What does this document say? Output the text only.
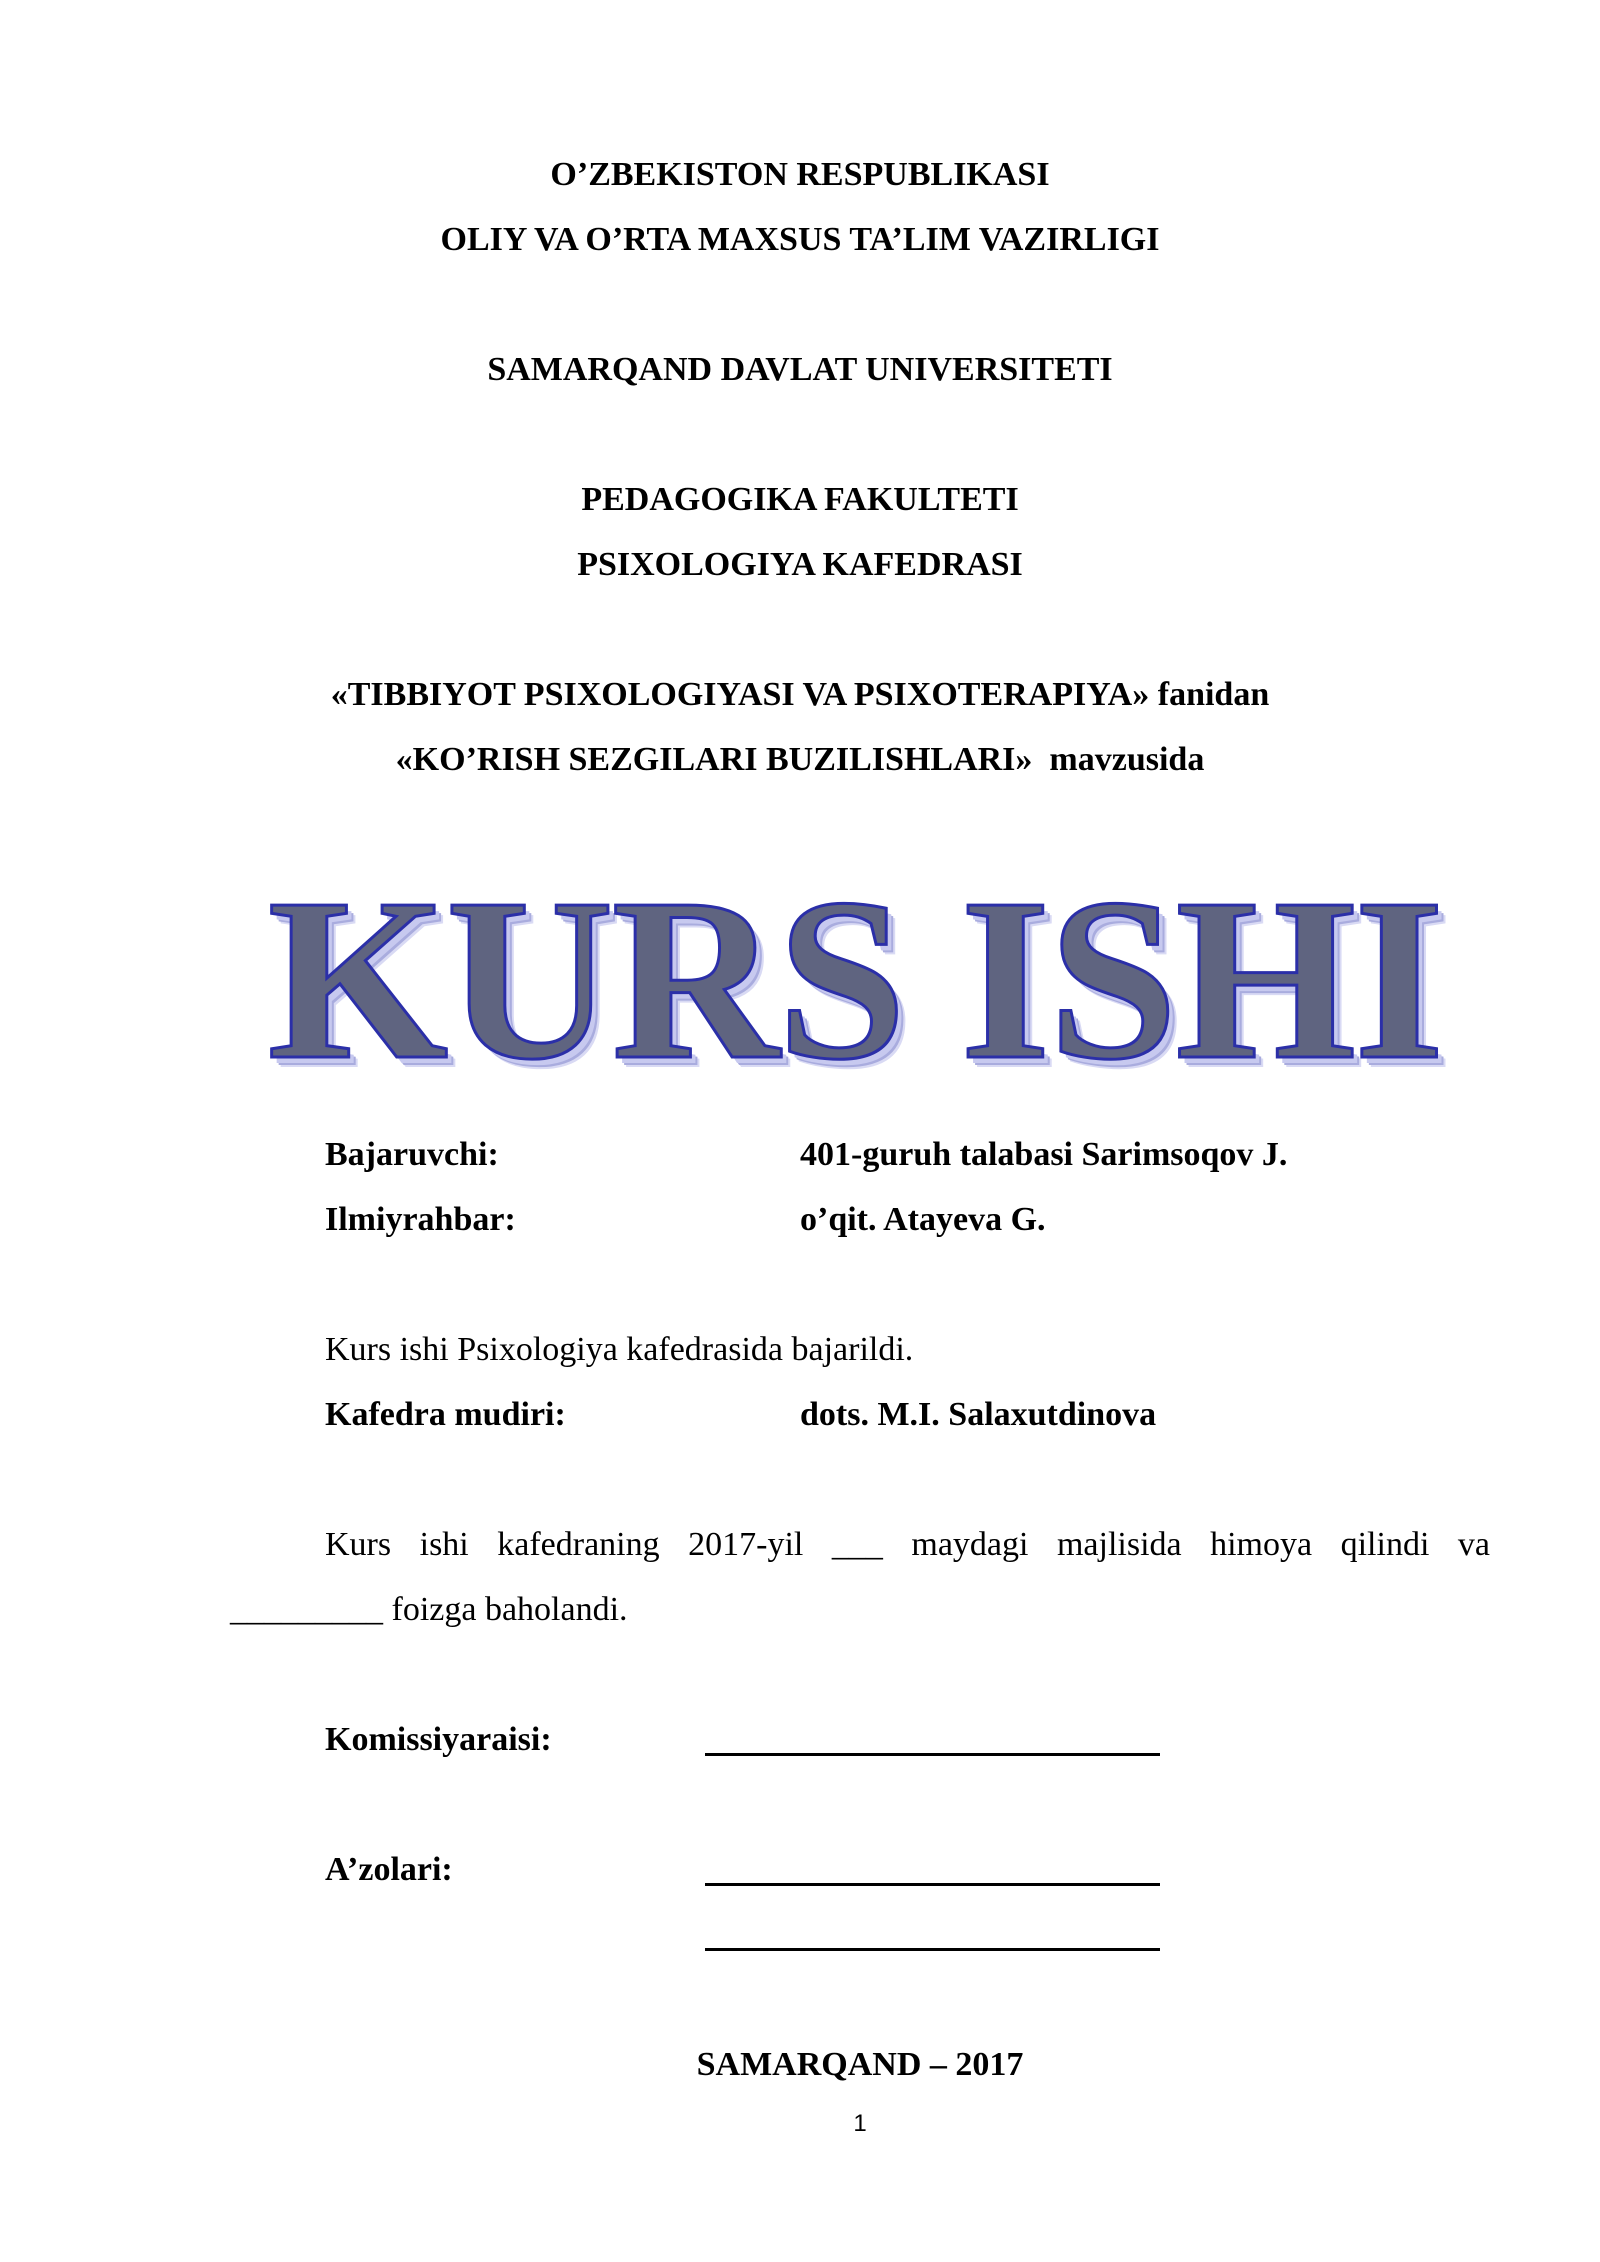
O’ZBEKISTON RESPUBLIKASI
OLIY VA O’RTA MAXSUS TA’LIM VAZIRLIGI
SAMARQAND DAVLAT UNIVERSITETI
PEDAGOGIKA FAKULTETI
PSIXOLOGIYA KAFEDRASI
«TIBBIYOT PSIXOLOGIYASI VA PSIXOTERAPIYA» fanidan
«KO’RISH SEZGILARI BUZILISHLARI»  mavzusida
KURS ISHI
Bajaruvchi:	401-guruh talabasi Sarimsoqov J.
Ilmiyrahbar:	o’qit. Atayeva G.
Kurs ishi Psixologiya kafedrasida bajarildi.
Kafedra mudiri:	dots. M.I. Salaxutdinova
Kurs ishi kafedraning 2017-yil ___ maydagi majlisida himoya qilindi va
_________ foizga baholandi.
Komissiyaraisi:
A’zolari:
SAMARQAND – 2017
1
